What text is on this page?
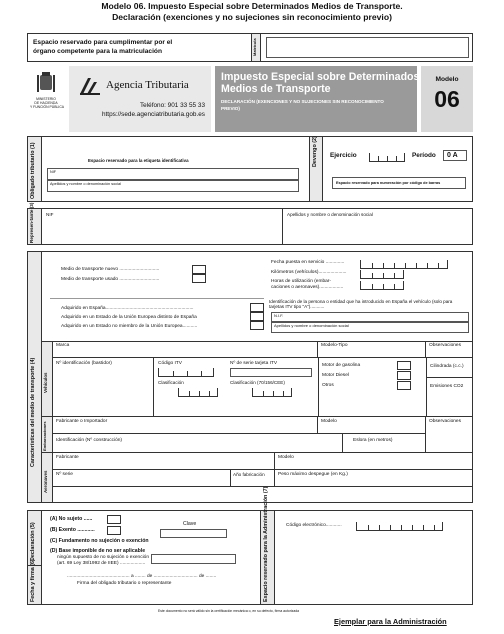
Modelo 06. Impuesto Especial sobre Determinados Medios de Transporte.
Declaración (exenciones y no sujeciones sin reconocimiento previo)
Espacio reservado para cumplimentar por el
órgano competente para la matriculación	Matrícula
MINISTERIO
DE HACIENDA
Y FUNCIÓN PÚBLICA
Agencia Tributaria
Teléfono: 901 33 55 33
https://sede.agenciatributaria.gob.es
Impuesto Especial sobre Determinados
Medios de Transporte
DECLARACIÓN (EXENCIONES Y NO SUJECIONES SIN RECONOCIMIENTO
PREVIO)
Modelo
06
Obligado tributario (1)
Espacio reservado para la etiqueta identificativa
NIF
Apellidos y nombre o denominación social
Devengo (2)
Ejercicio	Período 0 A
Espacio reservado para numeración por código de barras
Represen-tante (3)
NIF	Apellidos y nombre o denominación social
Características del medio de transporte (4)
Medio de transporte nuevo ..............................
Medio de transporte usado ..............................
Fecha puesta en servicio ..............
Kilómetros (vehículos).....................
Horas de utilización (embar-
caciones o aeronaves)..................
Adquirido en España..................................................................
Adquirido en un Estado de la Unión Europea distinto de España
Adquirido en un Estado no miembro de la Unión Europea...........
Identificación de la persona o entidad que ha introducido en España el vehículo (solo para tarjetas ITV tipo "A")...........
N.I.F.
Apellidos y nombre o denominación social
Vehículos
Marca	Modelo-Tipo	Observaciones
Nº identificación (bastidor)	Código ITV	Nº de serie tarjeta ITV
Clasificación	Clasificación (70/156/CEE)
Motor de gasolina
Motor Diesel
Otros
Cilindrada (c.c.)
Emisiones CO2
Embarcaciones Fabricante o Importador	Modelo	Observaciones
Identificación (Nº construcción)	Eslora (en metros)
Aeronaves
Fabricante	Modelo
Nº serie	Año fabricación	Peso máximo despegue (en Kg.)
Declaración (5)
(A) No sujeto ......
(B) Exento ............
Clave
(C) Fundamento no sujeción o exención
(D) Base imponible de no ser aplicable
ningún supuesto de no sujeción o exención
(art. 69 Ley 38/1992 de IIEE) ...................
Fecha y firma (6)
............................................... a ........ de ................................. de ........
Firma del obligado tributario o representante	Espacio reservado para la Administración (7)
Código electrónico............
Este documento no será válido sin la certificación mecánica o, en su defecto, firma autorizada
Ejemplar para la Administración
